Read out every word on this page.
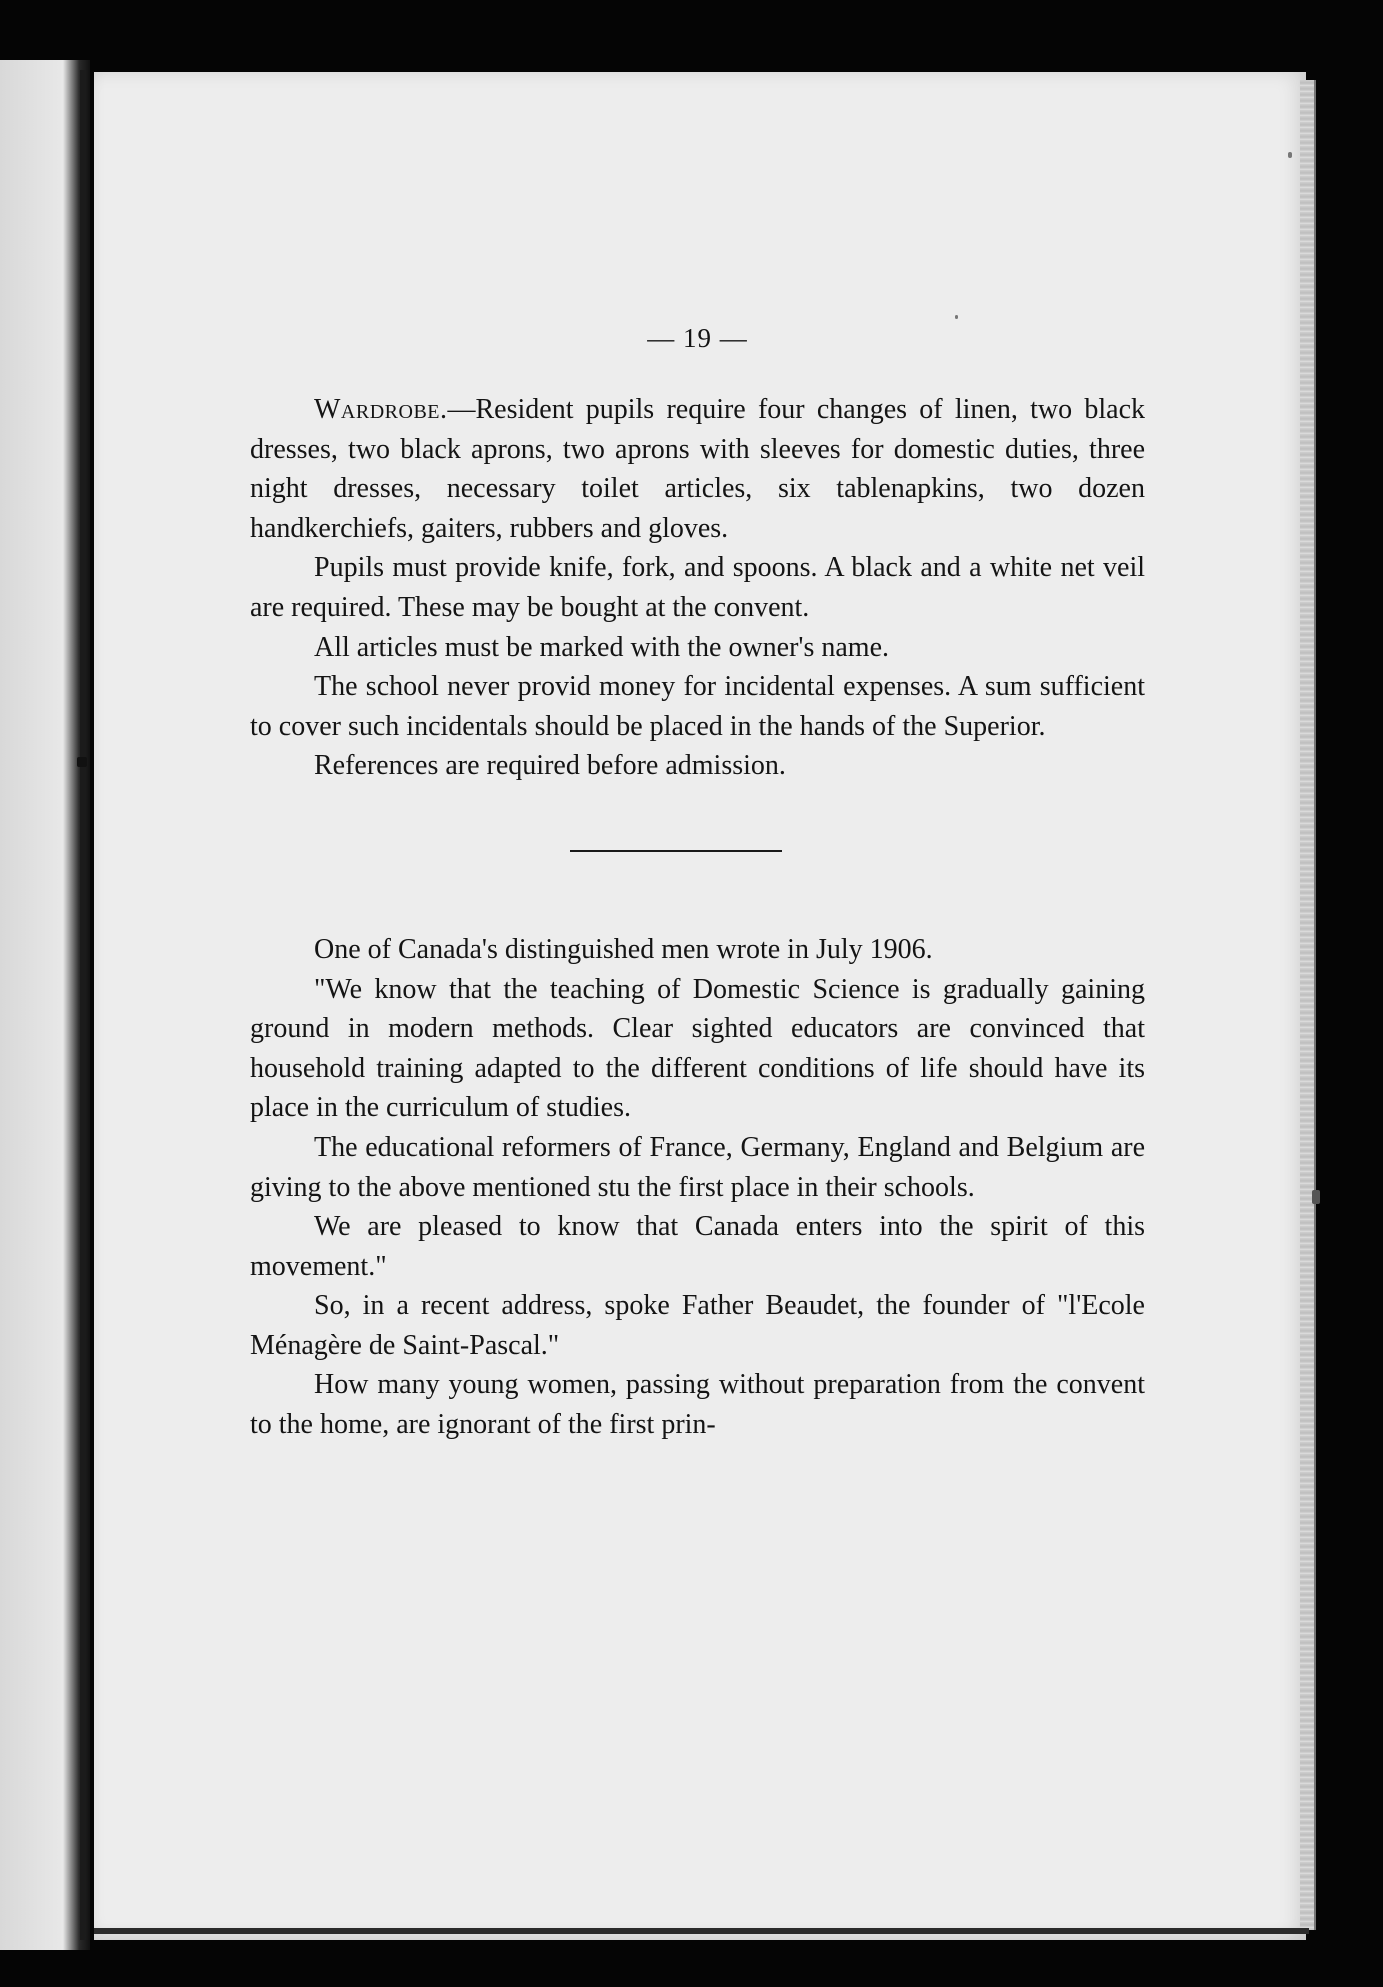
— 19 —

Wardrobe.—Resident pupils require four changes of linen, two black dresses, two black aprons, two aprons with sleeves for domestic duties, three night dresses, necessary toilet articles, six tablenapkins, two dozen handkerchiefs, gaiters, rubbers and gloves.

Pupils must provide knife, fork, and spoons. A black and a white net veil are required. These may be bought at the convent.

All articles must be marked with the owner's name.

The school never provid money for incidental expenses. A sum sufficient to cover such incidentals should be placed in the hands of the Superior.

References are required before admission.

One of Canada's distinguished men wrote in July 1906.

"We know that the teaching of Domestic Science is gradually gaining ground in modern methods. Clear sighted educators are convinced that household training adapted to the different conditions of life should have its place in the curriculum of studies.

The educational reformers of France, Germany, England and Belgium are giving to the above mentioned stu the first place in their schools.

We are pleased to know that Canada enters into the spirit of this movement."

So, in a recent address, spoke Father Beaudet, the founder of "l'Ecole Ménagère de Saint-Pascal."

How many young women, passing without preparation from the convent to the home, are ignorant of the first prin-
